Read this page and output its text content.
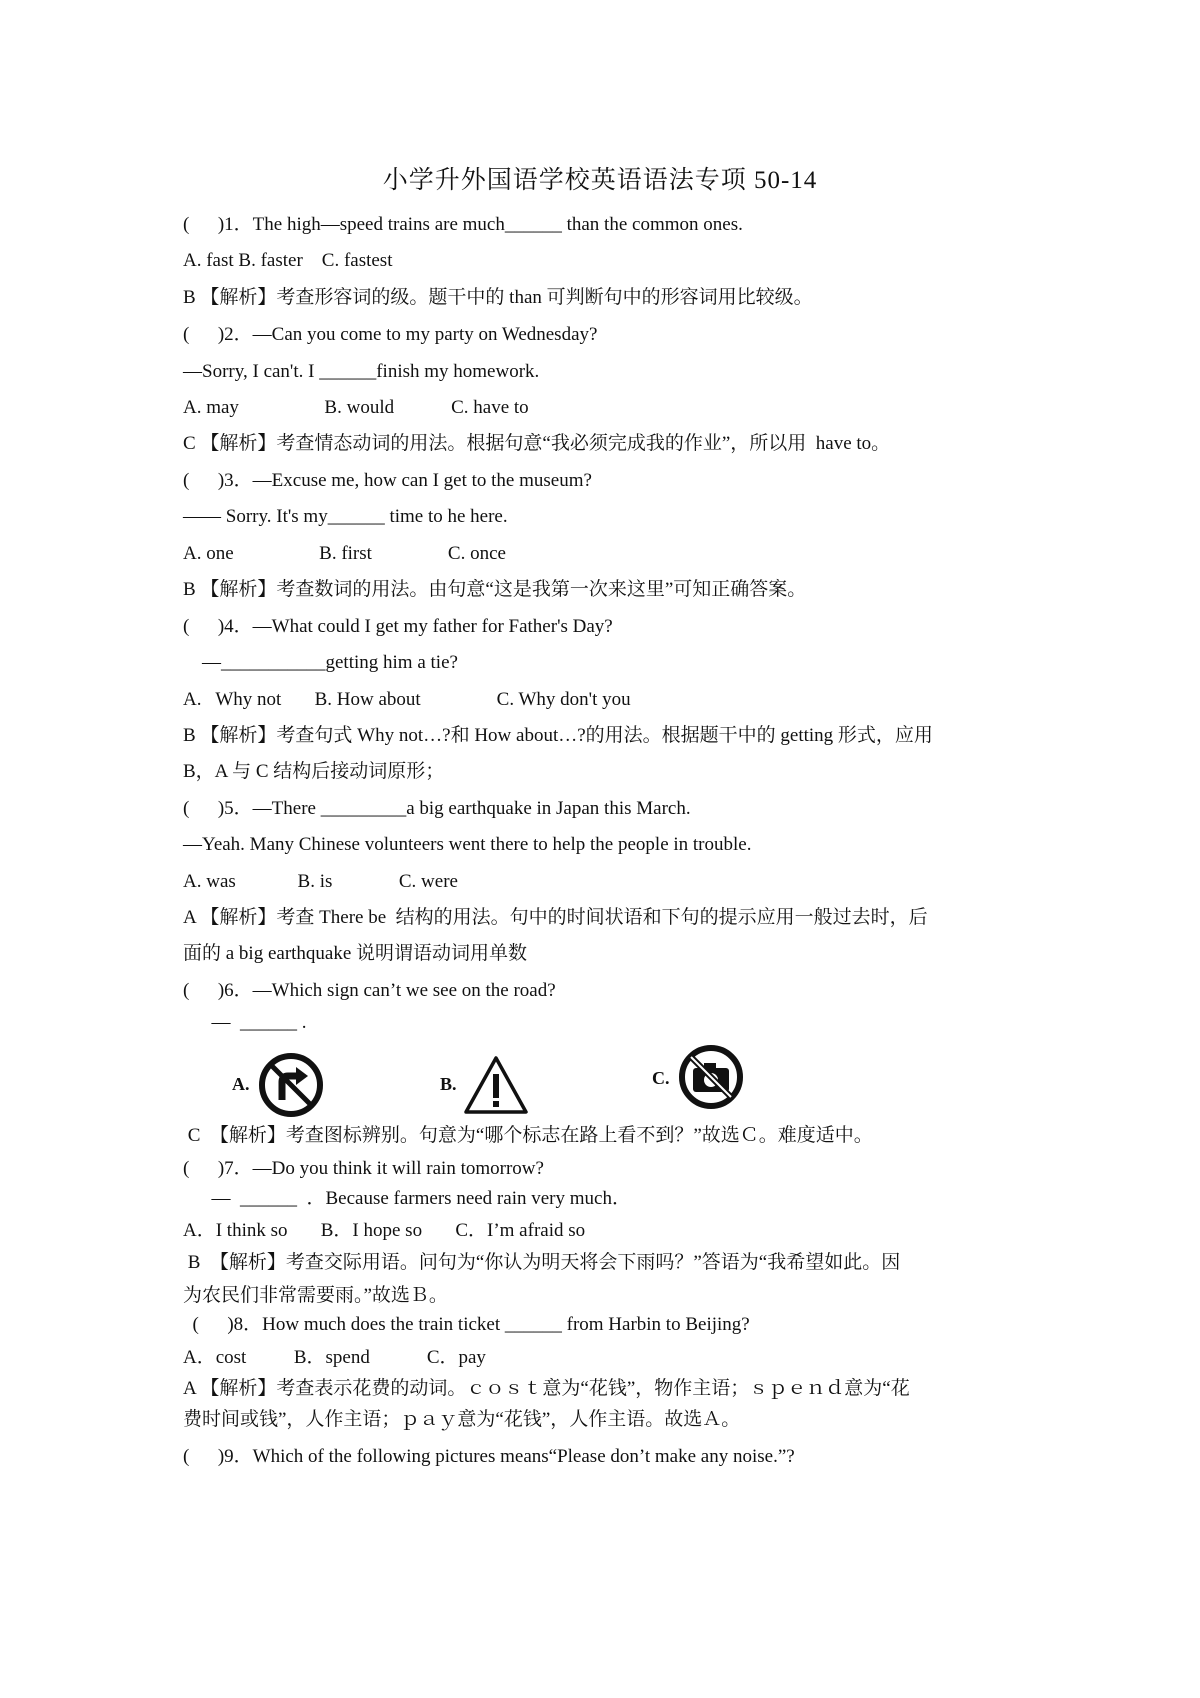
小学升外国语学校英语语法专项 50-14
(      )1．The high—speed trains are much______ than the common ones.
A. fast B. faster    C. fastest
B 【解析】考查形容词的级。题干中的 than 可判断句中的形容词用比较级。
(      )2．—Can you come to my party on Wednesday?
—Sorry, I can't. I ______finish my homework.
A. may                  B. would            C. have to
C 【解析】考查情态动词的用法。根据句意“我必须完成我的作业”，所以用  have to。
(      )3．—Excuse me, how can I get to the museum?
—— Sorry. It's my______ time to he here.
A. one                  B. first                C. once
B 【解析】考查数词的用法。由句意“这是我第一次来这里”可知正确答案。
(      )4．—What could I get my father for Father's Day?
—___________getting him a tie?
A.   Why not       B. How about                C. Why don't you
B 【解析】考查句式 Why not…?和 How about…?的用法。根据题干中的 getting 形式，应用
B，A 与 C 结构后接动词原形；
(      )5．—There _________a big earthquake in Japan this March.
—Yeah. Many Chinese volunteers went there to help the people in trouble.
A. was             B. is              C. were
A 【解析】考查 There be  结构的用法。句中的时间状语和下句的提示应用一般过去时，后
面的 a big earthquake 说明谓语动词用单数
(      )6．—Which sign can’t we see on the road?
—  ______ .
C  【解析】考查图标辨别。句意为“哪个标志在路上看不到？”故选Ｃ。难度适中。
(      )7．—Do you think it will rain tomorrow?
—  ______  ．Because farmers need rain very much．
A．I think so       B．I hope so       C．I’m afraid so
B  【解析】考查交际用语。问句为“你认为明天将会下雨吗？”答语为“我希望如此。因
为农民们非常需要雨。”故选Ｂ。
(      )8．How much does the train ticket ______ from Harbin to Beijing?
A．cost          B．spend            C．pay
A 【解析】考查表示花费的动词。ｃｏｓｔ意为“花钱”，物作主语；ｓｐｅｎｄ意为“花
费时间或钱”，人作主语；ｐａｙ意为“花钱”，人作主语。故选Ａ。
(      )9．Which of the following pictures means“Please don’t make any noise.”?
A.	B.	C.
